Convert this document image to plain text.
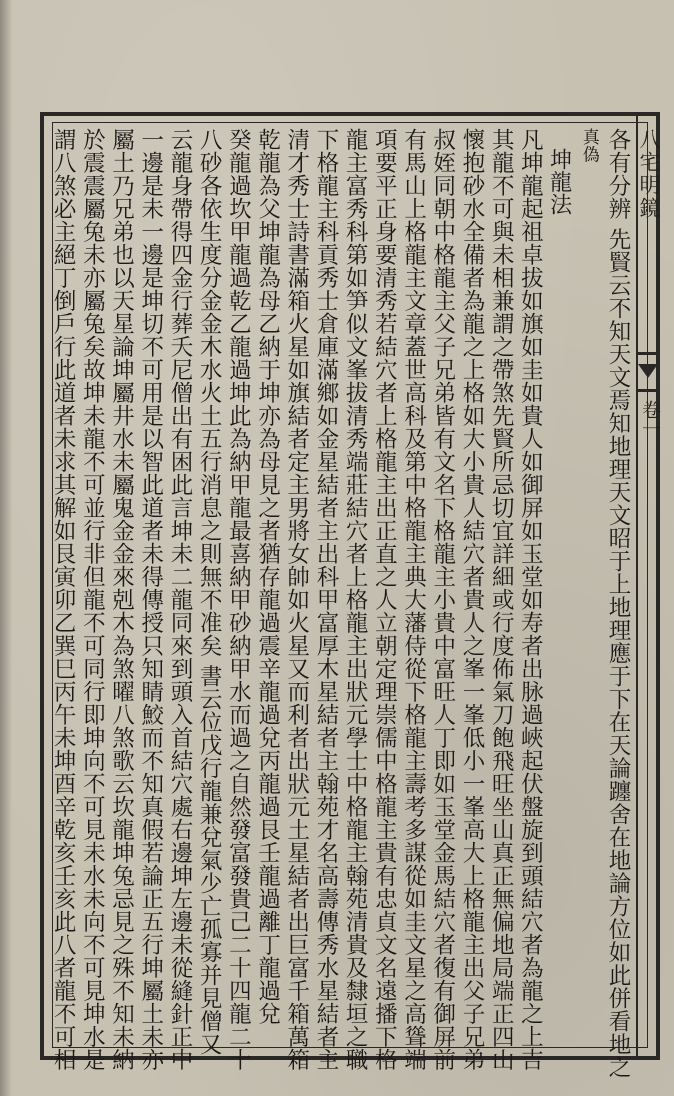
八宅明鏡
卷一
各有分辨 先賢云不知天文焉知地理天文昭于上地理應于下在天論躔舍在地論方位如此併看地之
真偽
坤龍法
凡坤龍起祖卓拔如旗如圭如貴人如御屏如玉堂如寿者出脉過峽起伏盤旋到頭結穴者為龍之上吉
其龍不可與未相兼謂之帶煞先賢所忌切宜詳細或行度佈氣刀飽飛旺坐山真正無偏地局端正四山
懷抱砂水全備者為龍之上格如大小貴人結穴者貴人之峯一峯低小一峯高大上格龍主出父子兄弟
叔姪同朝中格龍主父子兄弟皆有文名下格龍主小貴中富旺人丁即如玉堂金馬結穴者復有御屏前
有馬山上格龍主文章蓋世高科及第中格龍主典大藩侍從下格龍主壽考多謀從如圭文星之高聳端
項要平正身要清秀若結穴者上格龍主出正直之人立朝定理崇儒中格龍主貴有忠貞文名遠播下格
龍主富秀科第如笋似文峯拔清秀端莊結穴者上格龍主出狀元學士中格龍主翰苑清貴及隸垣之職
下格龍主科貢秀士倉庫滿鄉如金星結者主出科甲富厚木星結者主翰苑才名高壽傳秀水星結者主
清才秀士詩書滿箱火星如旗結者定主男將女帥如火星又而利者出狀元土星結者出巨富千箱萬箱
乾龍為父坤龍為母乙納于坤亦為母見之者猶存龍過震辛龍過兌丙龍過艮壬龍過離丁龍過兌
癸龍過坎甲龍過乾乙龍過坤此為納甲龍最喜納甲砂納甲水而過之自然發富發貴己二十四龍二十
八砂各依生度分金金木水火土五行消息之則無不准矣 書云位戊行龍兼兌氣少亡孤寡并見僧又
云龍身帶得四金行葬夭尼僧出有困此言坤未二龍同來到頭入首結穴處右邊坤左邊未從縫針正中
一邊是未一邊是坤切不可用是以智此道者未得傳授只知睛鮫而不知真假若論正五行坤屬土未亦
屬土乃兄弟也以天星論坤屬井水未屬鬼金金來剋木為煞曜八煞歌云坎龍坤兔忌見之殊不知未納
於震震屬兔未亦屬兔矣故坤未龍不可並行非但龍不可同行即坤向不可見未水未向不可見坤水是
謂八煞必主絕丁倒戶行此道者未求其解如艮寅卯乙巽巳丙午未坤酉辛乾亥壬亥此八者龍不可相
